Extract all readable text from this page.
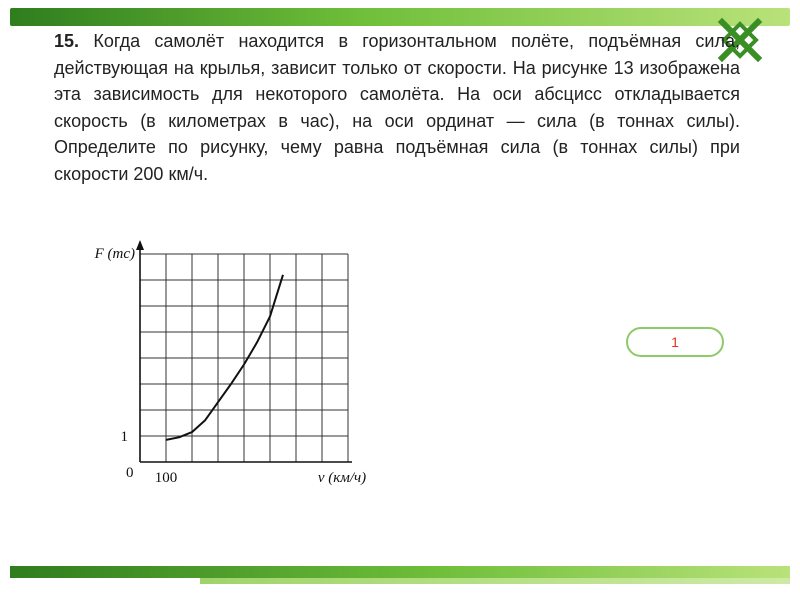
15. Когда самолёт находится в горизонтальном полёте, подъёмная сила, действующая на крылья, зависит только от скорости. На рисунке 13 изображена эта зависимость для некоторого самолёта. На оси абсцисс откладывается скорость (в километрах в час), на оси ординат — сила (в тоннах силы). Определите по рисунку, чему равна подъёмная сила (в тоннах силы) при скорости 200 км/ч.

F (тс)
v (км/ч)
0 100
1
1
